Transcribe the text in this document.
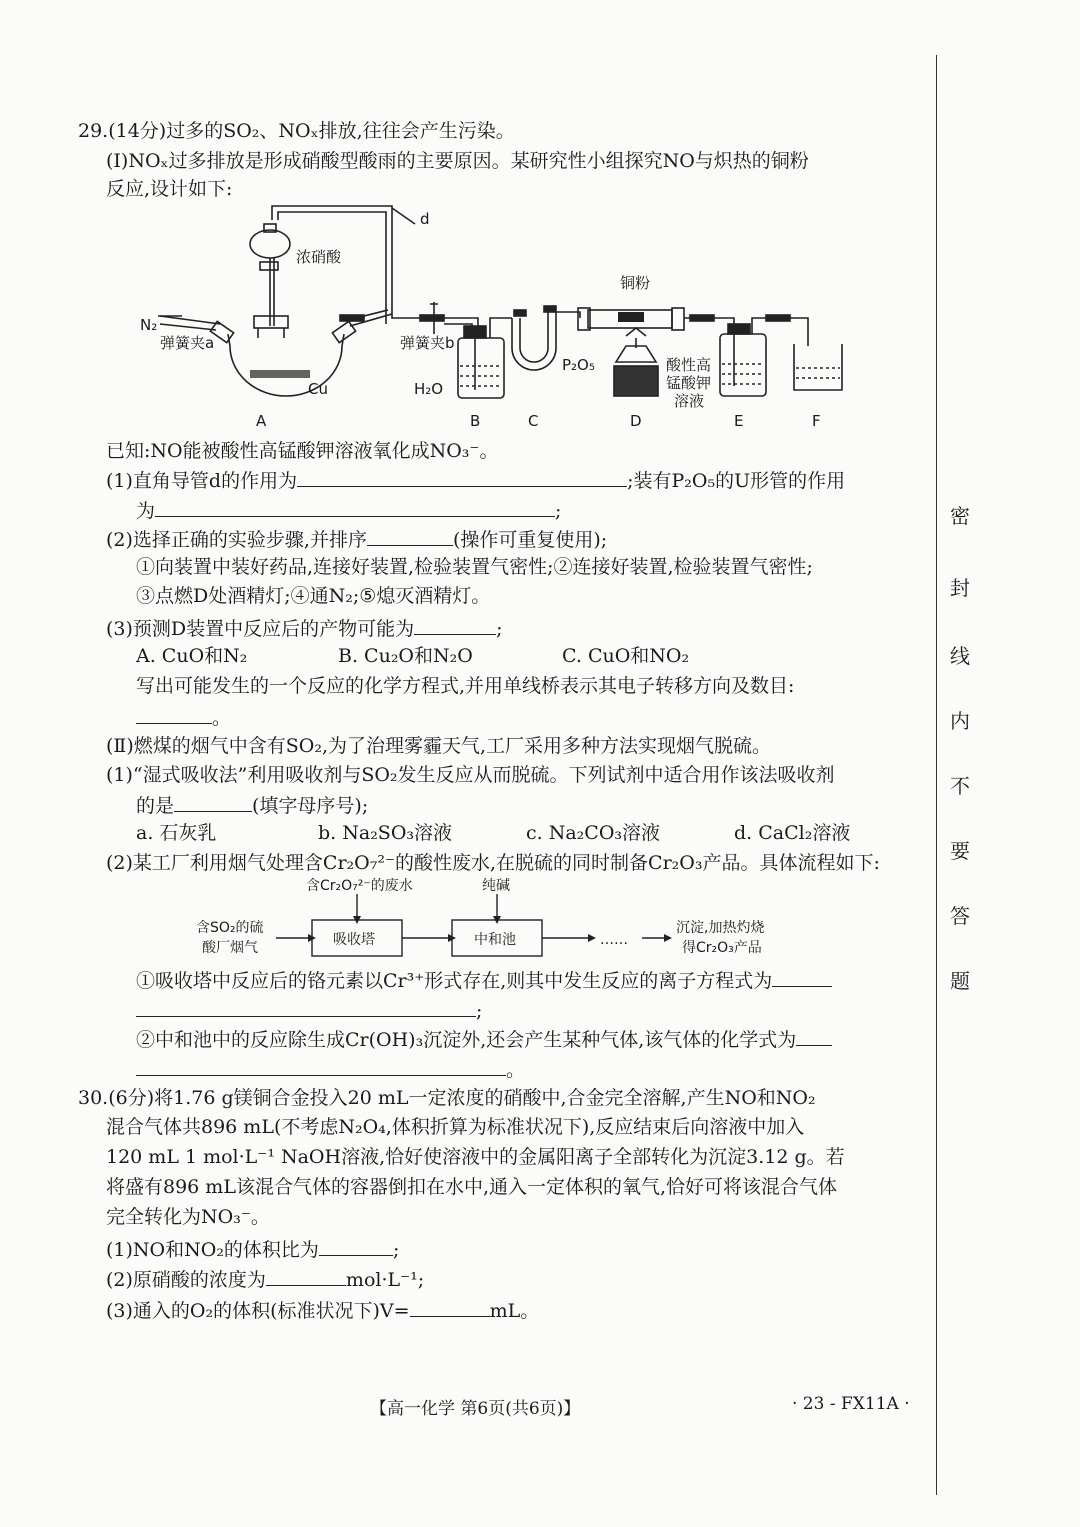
29.(14分)过多的SO₂、NOₓ排放,往往会产生污染。
(Ⅰ)NOₓ过多排放是形成硝酸型酸雨的主要原因。某研究性小组探究NO与炽热的铜粉
反应,设计如下:
d
浓硝酸
N₂
弹簧夹a	弹簧夹b
Cu	H₂O
P₂O₅
铜粉
酸性高
锰酸钾
溶液
A	B	C	D	E	F
已知:NO能被酸性高锰酸钾溶液氧化成NO₃⁻。
(1)直角导管d的作用为	;装有P₂O₅的U形管的作用
为	;
(2)选择正确的实验步骤,并排序	(操作可重复使用);
①向装置中装好药品,连接好装置,检验装置气密性;②连接好装置,检验装置气密性;
③点燃D处酒精灯;④通N₂;⑤熄灭酒精灯。
(3)预测D装置中反应后的产物可能为	;
A. CuO和N₂	B. Cu₂O和N₂O	C. CuO和NO₂
写出可能发生的一个反应的化学方程式,并用单线桥表示其电子转移方向及数目:
。
(Ⅱ)燃煤的烟气中含有SO₂,为了治理雾霾天气,工厂采用多种方法实现烟气脱硫。
(1)“湿式吸收法”利用吸收剂与SO₂发生反应从而脱硫。下列试剂中适合用作该法吸收剂
的是	(填字母序号);
a. 石灰乳	b. Na₂SO₃溶液	c. Na₂CO₃溶液	d. CaCl₂溶液
(2)某工厂利用烟气处理含Cr₂O₇²⁻的酸性废水,在脱硫的同时制备Cr₂O₃产品。具体流程如下:
含Cr₂O₇²⁻的废水	纯碱
含SO₂的硫
酸厂烟气	吸收塔	中和池	……
沉淀,加热灼烧
得Cr₂O₃产品
①吸收塔中反应后的铬元素以Cr³⁺形式存在,则其中发生反应的离子方程式为
;
②中和池中的反应除生成Cr(OH)₃沉淀外,还会产生某种气体,该气体的化学式为
。
30.(6分)将1.76 g镁铜合金投入20 mL一定浓度的硝酸中,合金完全溶解,产生NO和NO₂
混合气体共896 mL(不考虑N₂O₄,体积折算为标准状况下),反应结束后向溶液中加入
120 mL 1 mol·L⁻¹ NaOH溶液,恰好使溶液中的金属阳离子全部转化为沉淀3.12 g。若
将盛有896 mL该混合气体的容器倒扣在水中,通入一定体积的氧气,恰好可将该混合气体
完全转化为NO₃⁻。
(1)NO和NO₂的体积比为	;
(2)原硝酸的浓度为	mol·L⁻¹;
(3)通入的O₂的体积(标准状况下)V=	mL。
【高一化学 第6页(共6页)】	· 23 - FX11A ·
密
封
线
内
不
要
答
题
